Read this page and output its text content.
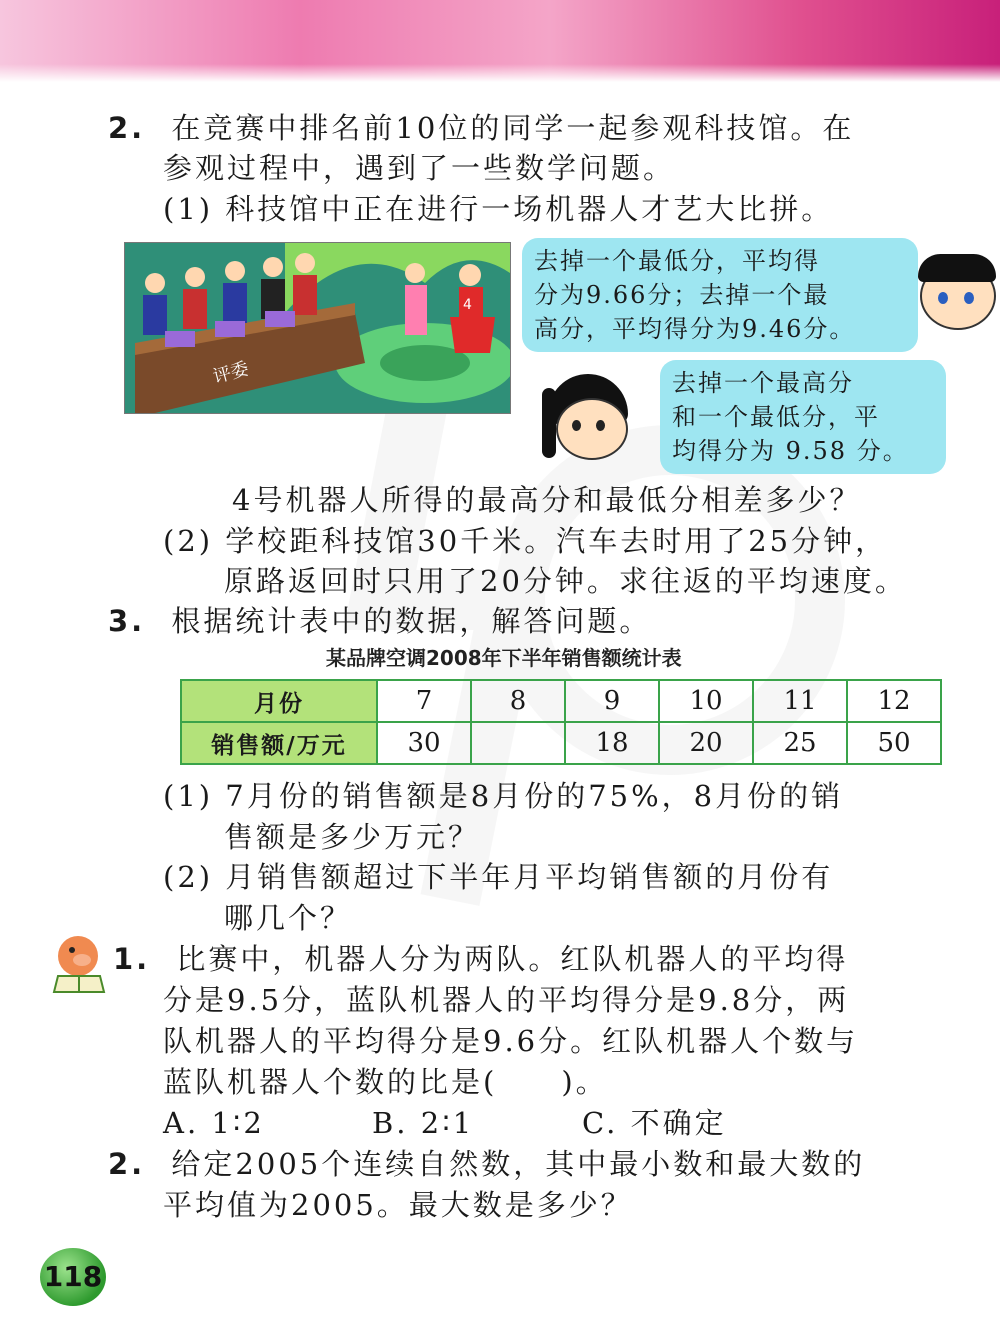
2. 在竞赛中排名前10位的同学一起参观科技馆。在
参观过程中，遇到了一些数学问题。
(1) 科技馆中正在进行一场机器人才艺大比拼。
4
评委
去掉一个最低分，平均得
分为9.66分；去掉一个最
高分，平均得分为9.46分。
去掉一个最高分
和一个最低分，平
均得分为 9.58 分。
4号机器人所得的最高分和最低分相差多少？
(2) 学校距科技馆30千米。汽车去时用了25分钟，
原路返回时只用了20分钟。求往返的平均速度。
3. 根据统计表中的数据，解答问题。
某品牌空调2008年下半年销售额统计表
月份	7	8	9	10	11	12
销售额/万元	30		18	20	25	50
(1) 7月份的销售额是8月份的75%，8月份的销
售额是多少万元？
(2) 月销售额超过下半年月平均销售额的月份有
哪几个？
1. 比赛中，机器人分为两队。红队机器人的平均得
分是9.5分，蓝队机器人的平均得分是9.8分，两
队机器人的平均得分是9.6分。红队机器人个数与
蓝队机器人个数的比是(　　)。
A. 1∶2	B. 2∶1	C. 不确定
2. 给定2005个连续自然数，其中最小数和最大数的
平均值为2005。最大数是多少？
118
